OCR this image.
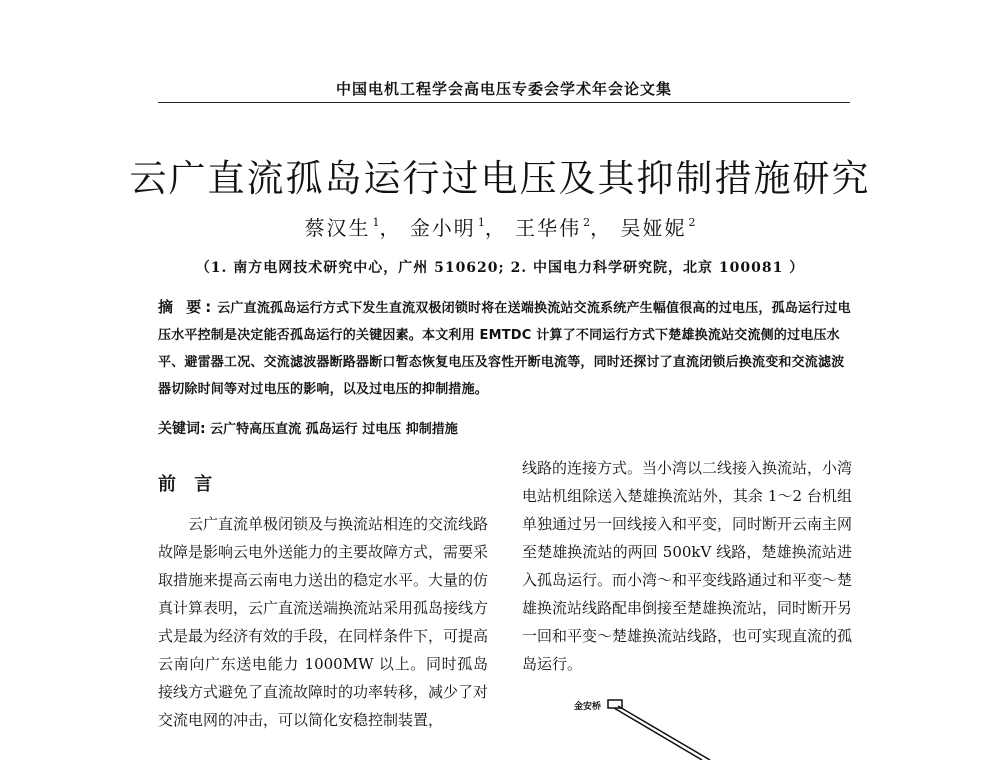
中国电机工程学会高电压专委会学术年会论文集
云广直流孤岛运行过电压及其抑制措施研究
蔡汉生 $^1$， 金小明 $^1$， 王华伟 $^2$， 吴娅妮 $^2$
（1. 南方电网技术研究中心，广州 510620; 2. 中国电力科学研究院，北京 100081 ）
摘 要: 云广直流孤岛运行方式下发生直流双极闭锁时将在送端换流站交流系统产生幅值很高的过电压，孤岛运行过电压水平控制是决定能否孤岛运行的关键因素。本文利用 EMTDC 计算了不同运行方式下楚雄换流站交流侧的过电压水平、避雷器工况、交流滤波器断路器断口暂态恢复电压及容性开断电流等，同时还探讨了直流闭锁后换流变和交流滤波器切除时间等对过电压的影响，以及过电压的抑制措施。
关键词: 云广特高压直流 孤岛运行 过电压 抑制措施
前 言
云广直流单极闭锁及与换流站相连的交流线路故障是影响云电外送能力的主要故障方式，需要采取措施来提高云南电力送出的稳定水平。大量的仿真计算表明，云广直流送端换流站采用孤岛接线方式是最为经济有效的手段，在同样条件下，可提高云南向广东送电能力 1000MW 以上。同时孤岛接线方式避免了直流故障时的功率转移，减少了对交流电网的冲击，可以简化安稳控制装置，
线路的连接方式。当小湾以二线接入换流站，小湾电站机组除送入楚雄换流站外，其余 1～2 台机组单独通过另一回线接入和平变，同时断开云南主网至楚雄换流站的两回 500kV 线路，楚雄换流站进入孤岛运行。而小湾～和平变线路通过和平变～楚雄换流站线路配串倒接至楚雄换流站，同时断开另一回和平变～楚雄换流站线路，也可实现直流的孤岛运行。
金安桥
